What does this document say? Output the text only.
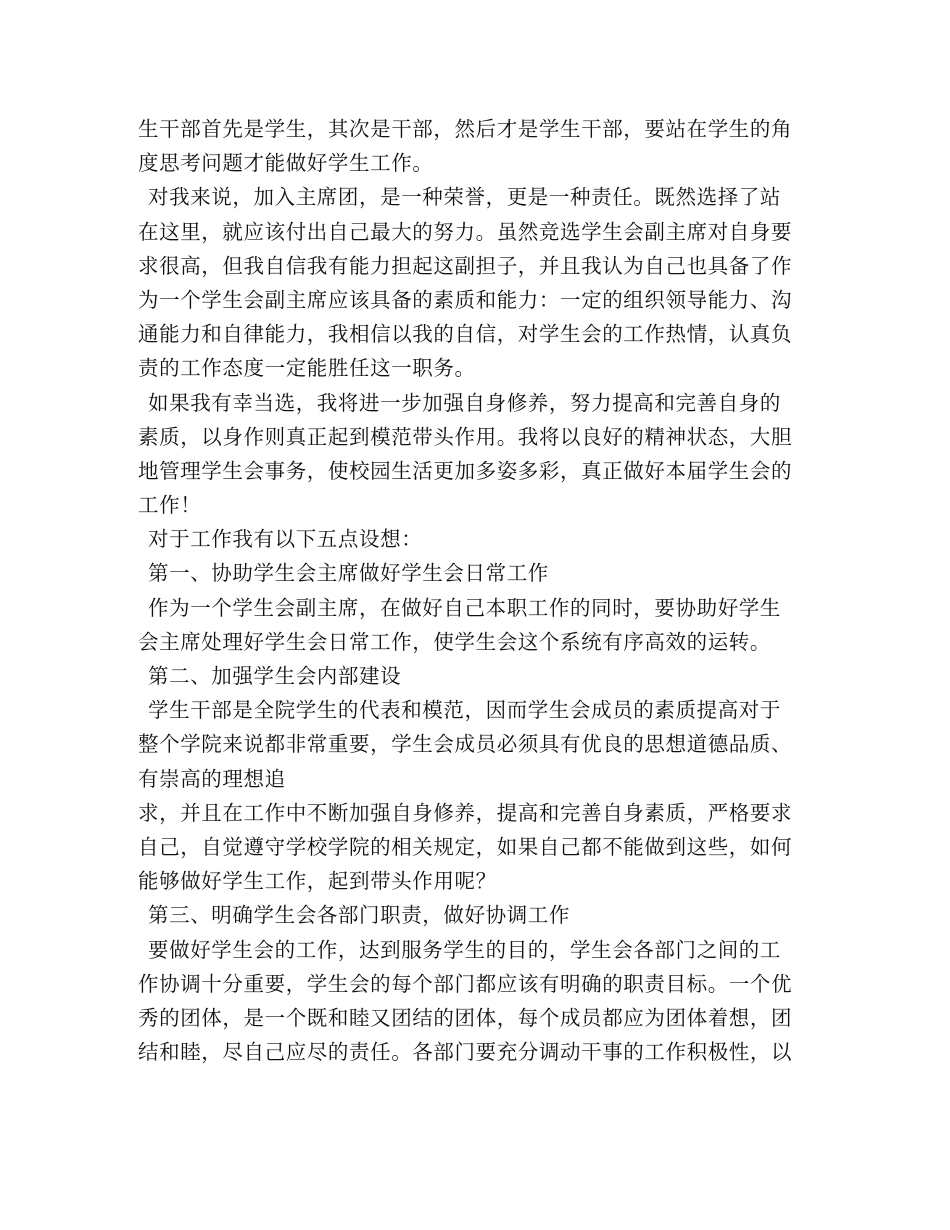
生干部首先是学生，其次是干部，然后才是学生干部，要站在学生的角
度思考问题才能做好学生工作。
对我来说，加入主席团，是一种荣誉，更是一种责任。既然选择了站
在这里，就应该付出自己最大的努力。虽然竞选学生会副主席对自身要
求很高，但我自信我有能力担起这副担子，并且我认为自己也具备了作
为一个学生会副主席应该具备的素质和能力：一定的组织领导能力、沟
通能力和自律能力，我相信以我的自信，对学生会的工作热情，认真负
责的工作态度一定能胜任这一职务。
如果我有幸当选，我将进一步加强自身修养，努力提高和完善自身的
素质，以身作则真正起到模范带头作用。我将以良好的精神状态，大胆
地管理学生会事务，使校园生活更加多姿多彩，真正做好本届学生会的
工作！
对于工作我有以下五点设想：
第一、协助学生会主席做好学生会日常工作
作为一个学生会副主席，在做好自己本职工作的同时，要协助好学生
会主席处理好学生会日常工作，使学生会这个系统有序高效的运转。
第二、加强学生会内部建设
学生干部是全院学生的代表和模范，因而学生会成员的素质提高对于
整个学院来说都非常重要，学生会成员必须具有优良的思想道德品质、
有崇高的理想追
求，并且在工作中不断加强自身修养，提高和完善自身素质，严格要求
自己，自觉遵守学校学院的相关规定，如果自己都不能做到这些，如何
能够做好学生工作，起到带头作用呢？
第三、明确学生会各部门职责，做好协调工作
要做好学生会的工作，达到服务学生的目的，学生会各部门之间的工
作协调十分重要，学生会的每个部门都应该有明确的职责目标。一个优
秀的团体，是一个既和睦又团结的团体，每个成员都应为团体着想，团
结和睦，尽自己应尽的责任。各部门要充分调动干事的工作积极性，以
